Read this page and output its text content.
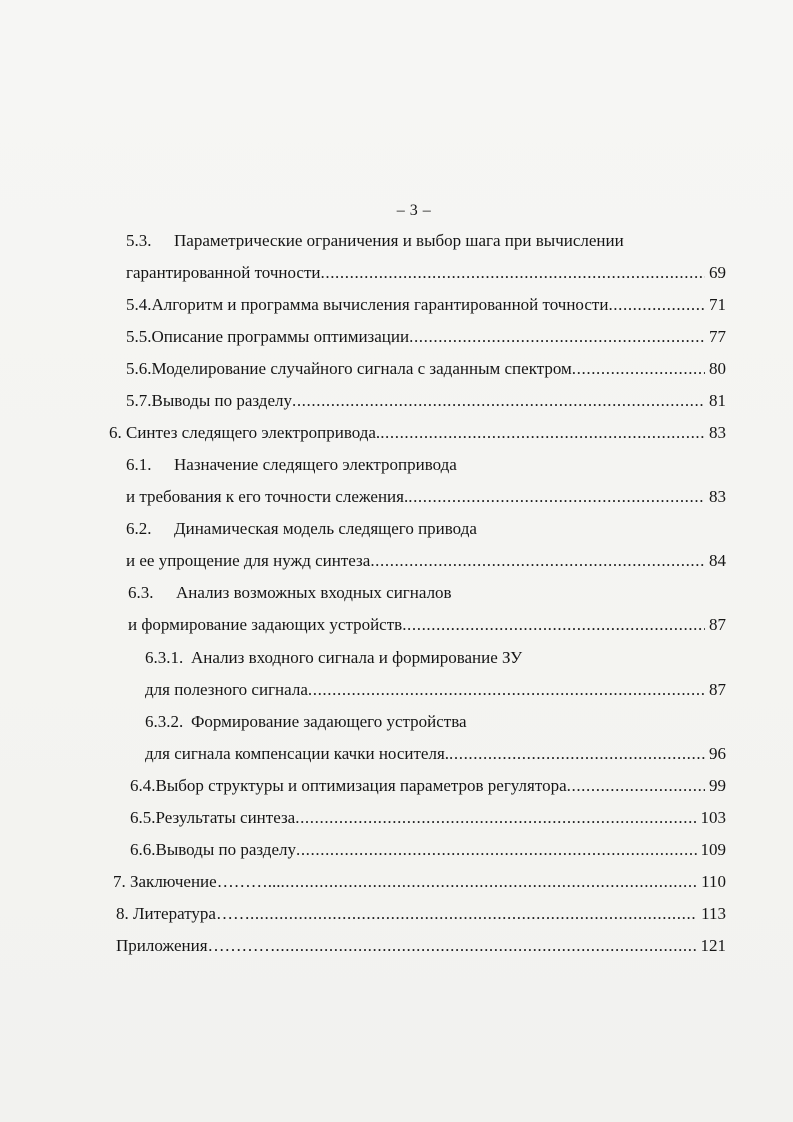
– 3 –
5.3. Параметрические ограничения и выбор шага при вычислении
гарантированной точности .....	69
5.4. Алгоритм и программа вычисления гарантированной точности .....	71
5.5. Описание программы оптимизации .....	77
5.6. Моделирование случайного сигнала с заданным спектром .....	80
5.7. Выводы по разделу .....	81
6. Синтез следящего электропривода. .....	83
6.1. Назначение следящего электропривода
и требования к его точности слежения. .....	83
6.2. Динамическая модель следящего привода
и ее упрощение для нужд синтеза .....	84
6.3. Анализ возможных входных сигналов
и формирование задающих устройств .....	87
6.3.1. Анализ входного сигнала и формирование ЗУ
для полезного сигнала .....	87
6.3.2. Формирование задающего устройства
для сигнала компенсации качки носителя. .....	96
6.4. Выбор структуры и оптимизация параметров регулятора .....	99
6.5. Результаты синтеза .....	103
6.6. Выводы по разделу .....	109
7. Заключение………... .....	110
8. Литература…… .....	113
Приложения………… .....	121
